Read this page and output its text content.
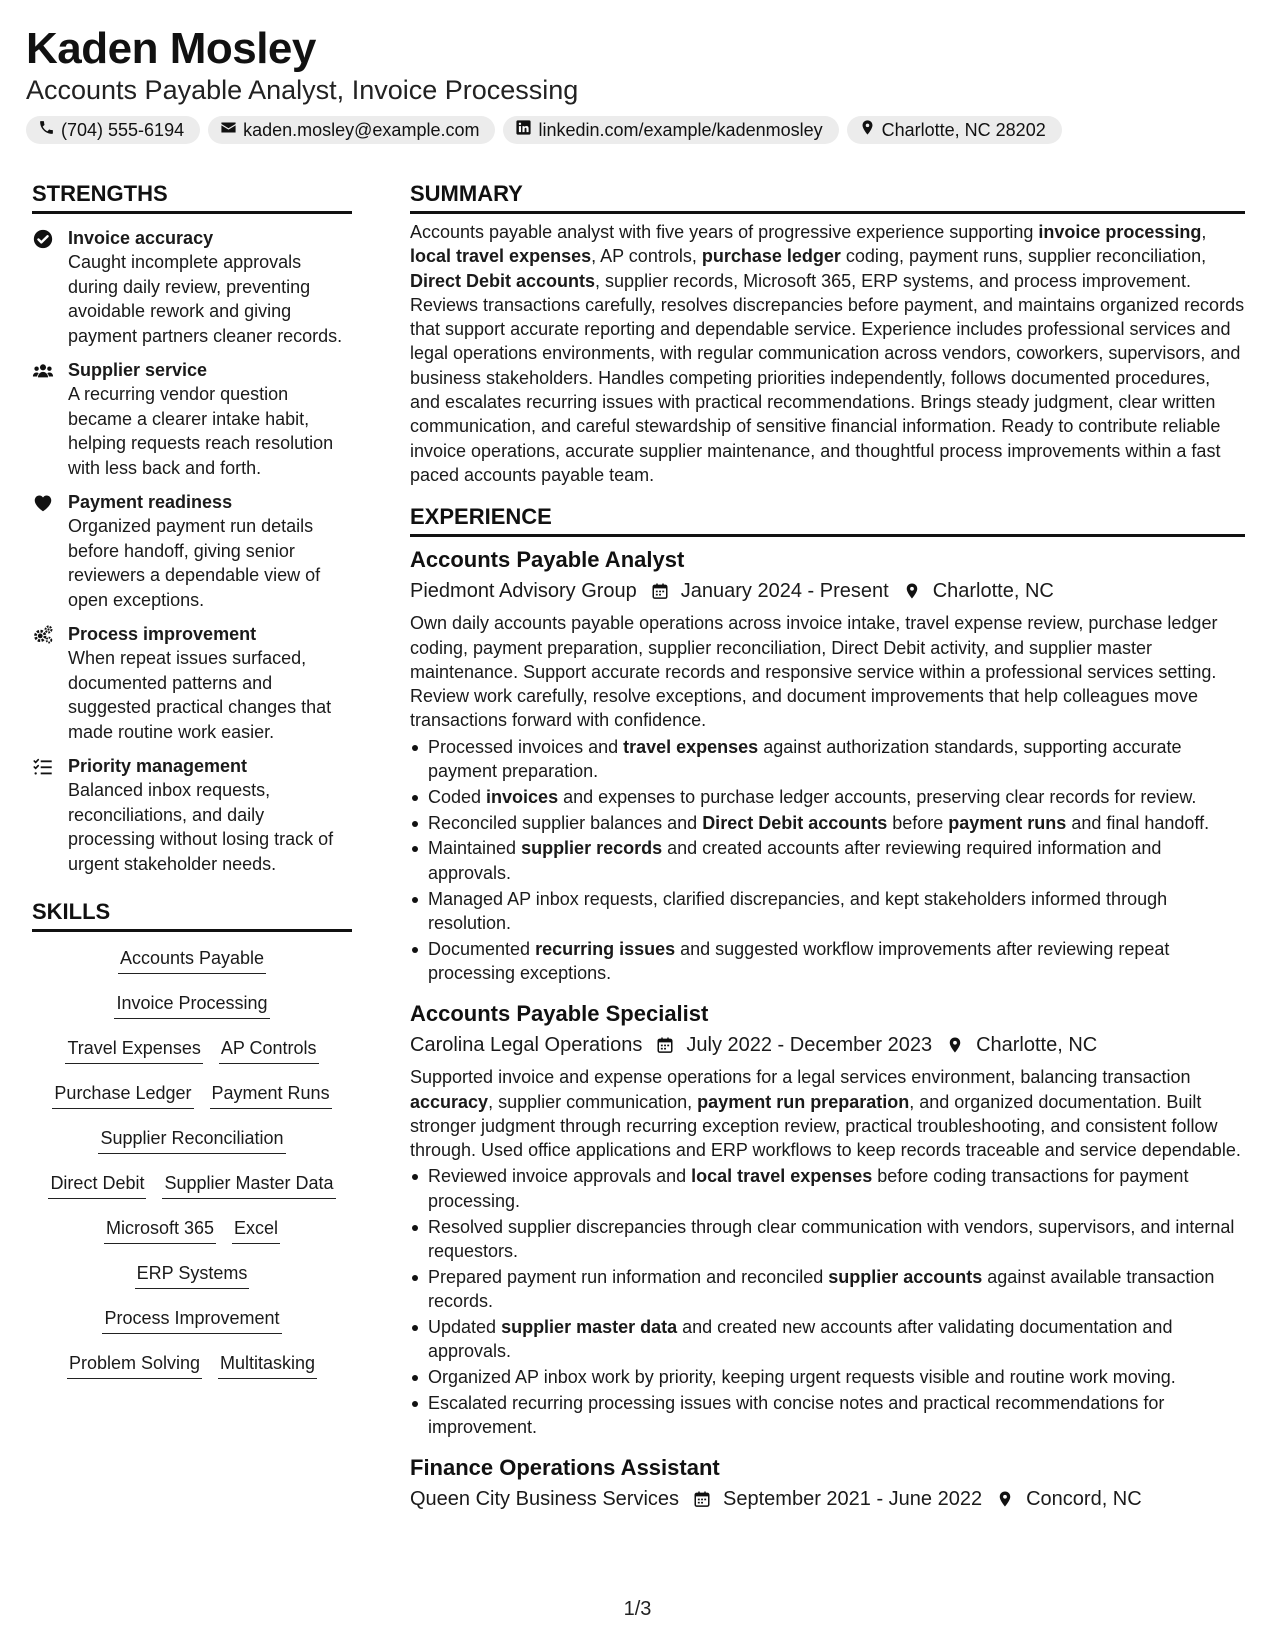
Kaden Mosley
Accounts Payable Analyst, Invoice Processing
(704) 555-6194	kaden.mosley@example.com	linkedin.com/example/kadenmosley	Charlotte, NC 28202
STRENGTHS
Invoice accuracy
Caught incomplete approvals during daily review, preventing avoidable rework and giving payment partners cleaner records.
Supplier service
A recurring vendor question became a clearer intake habit, helping requests reach resolution with less back and forth.
Payment readiness
Organized payment run details before handoff, giving senior reviewers a dependable view of open exceptions.
Process improvement
When repeat issues surfaced, documented patterns and suggested practical changes that made routine work easier.
Priority management
Balanced inbox requests, reconciliations, and daily processing without losing track of urgent stakeholder needs.
SKILLS
Accounts Payable
Invoice Processing
Travel Expenses AP Controls
Purchase Ledger Payment Runs
Supplier Reconciliation
Direct Debit Supplier Master Data
Microsoft 365 Excel
ERP Systems
Process Improvement
Problem Solving Multitasking
SUMMARY
Accounts payable analyst with five years of progressive experience supporting invoice processing, local travel expenses, AP controls, purchase ledger coding, payment runs, supplier reconciliation, Direct Debit accounts, supplier records, Microsoft 365, ERP systems, and process improvement. Reviews transactions carefully, resolves discrepancies before payment, and maintains organized records that support accurate reporting and dependable service. Experience includes professional services and legal operations environments, with regular communication across vendors, coworkers, supervisors, and business stakeholders. Handles competing priorities independently, follows documented procedures, and escalates recurring issues with practical recommendations. Brings steady judgment, clear written communication, and careful stewardship of sensitive financial information. Ready to contribute reliable invoice operations, accurate supplier maintenance, and thoughtful process improvements within a fast paced accounts payable team.
EXPERIENCE
Accounts Payable Analyst
Piedmont Advisory Group January 2024 - Present Charlotte, NC
Own daily accounts payable operations across invoice intake, travel expense review, purchase ledger coding, payment preparation, supplier reconciliation, Direct Debit activity, and supplier master maintenance. Support accurate records and responsive service within a professional services setting. Review work carefully, resolve exceptions, and document improvements that help colleagues move transactions forward with confidence.
Processed invoices and travel expenses against authorization standards, supporting accurate payment preparation.
Coded invoices and expenses to purchase ledger accounts, preserving clear records for review.
Reconciled supplier balances and Direct Debit accounts before payment runs and final handoff.
Maintained supplier records and created accounts after reviewing required information and approvals.
Managed AP inbox requests, clarified discrepancies, and kept stakeholders informed through resolution.
Documented recurring issues and suggested workflow improvements after reviewing repeat processing exceptions.
Accounts Payable Specialist
Carolina Legal Operations July 2022 - December 2023 Charlotte, NC
Supported invoice and expense operations for a legal services environment, balancing transaction accuracy, supplier communication, payment run preparation, and organized documentation. Built stronger judgment through recurring exception review, practical troubleshooting, and consistent follow through. Used office applications and ERP workflows to keep records traceable and service dependable.
Reviewed invoice approvals and local travel expenses before coding transactions for payment processing.
Resolved supplier discrepancies through clear communication with vendors, supervisors, and internal requestors.
Prepared payment run information and reconciled supplier accounts against available transaction records.
Updated supplier master data and created new accounts after validating documentation and approvals.
Organized AP inbox work by priority, keeping urgent requests visible and routine work moving.
Escalated recurring processing issues with concise notes and practical recommendations for improvement.
Finance Operations Assistant
Queen City Business Services September 2021 - June 2022 Concord, NC
1/3
